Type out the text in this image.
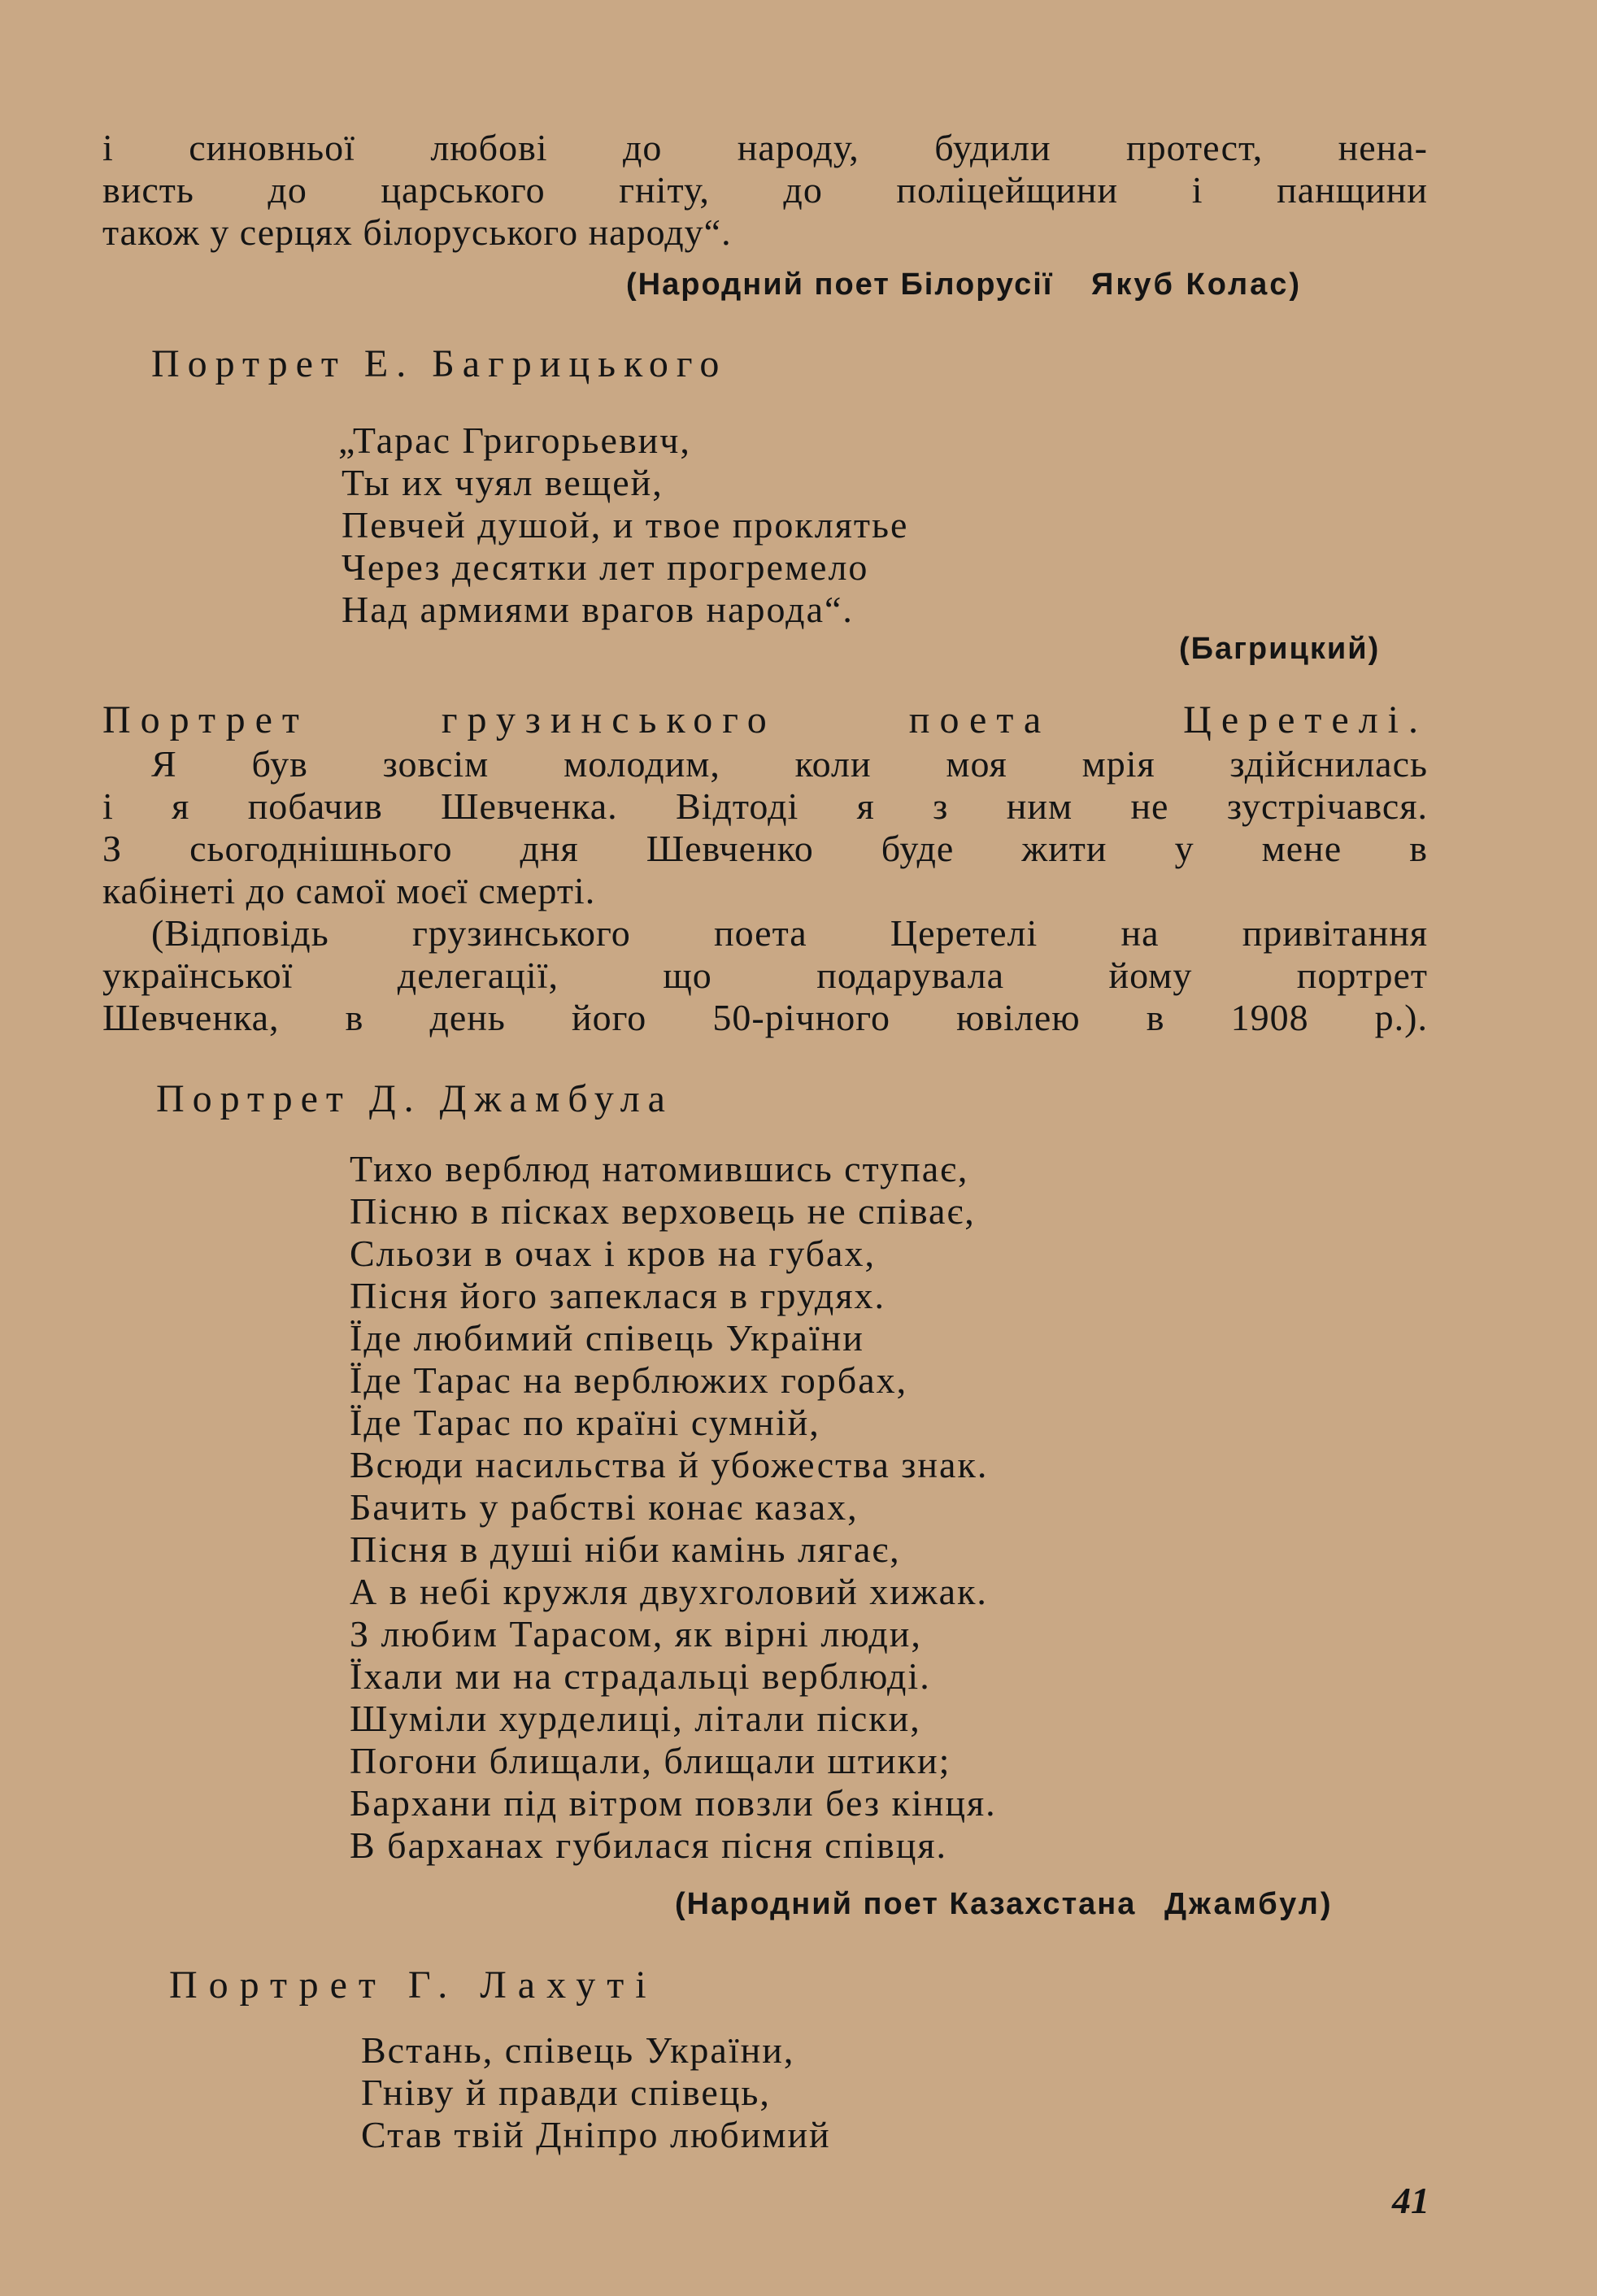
і синовньої любові до народу, будили протест, нена-
висть до царського гніту, до поліцейщини і панщини
також у серцях білоруського народу“.
(Народний поет Білорусії Якуб Колас)
Портрет Е. Багрицького
„Тарас Григорьевич,
Ты их чуял вещей,
Певчей душой, и твое проклятье
Через десятки лет прогремело
Над армиями врагов народа“.
(Багрицкий)
Портрет грузинського поета Церетелі.
Я був зовсім молодим, коли моя мрія здійснилась
і я побачив Шевченка. Відтоді я з ним не зустрічався.
З сьогоднішнього дня Шевченко буде жити у мене в
кабінеті до самої моєї смерті.
(Відповідь грузинського поета Церетелі на привітання
української делегації, що подарувала йому портрет
Шевченка, в день його 50-річного ювілею в 1908 р.).
Портрет Д. Джамбула
Тихо верблюд натомившись ступає,
Пісню в пісках верховець не співає,
Сльози в очах і кров на губах,
Пісня його запеклася в грудях.
Їде любимий співець України
Їде Тарас на верблюжих горбах,
Їде Тарас по країні сумній,
Всюди насильства й убожества знак.
Бачить у рабстві конає казах,
Пісня в душі ніби камінь лягає,
А в небі кружля двухголовий хижак.
З любим Тарасом, як вірні люди,
Їхали ми на страдальці верблюді.
Шуміли хурделиці, літали піски,
Погони блищали, блищали штики;
Бархани під вітром повзли без кінця.
В барханах губилася пісня співця.
(Народний поет Казахстана Джамбул)
Портрет Г. Лахуті
Встань, співець України,
Гніву й правди співець,
Став твій Дніпро любимий
41
